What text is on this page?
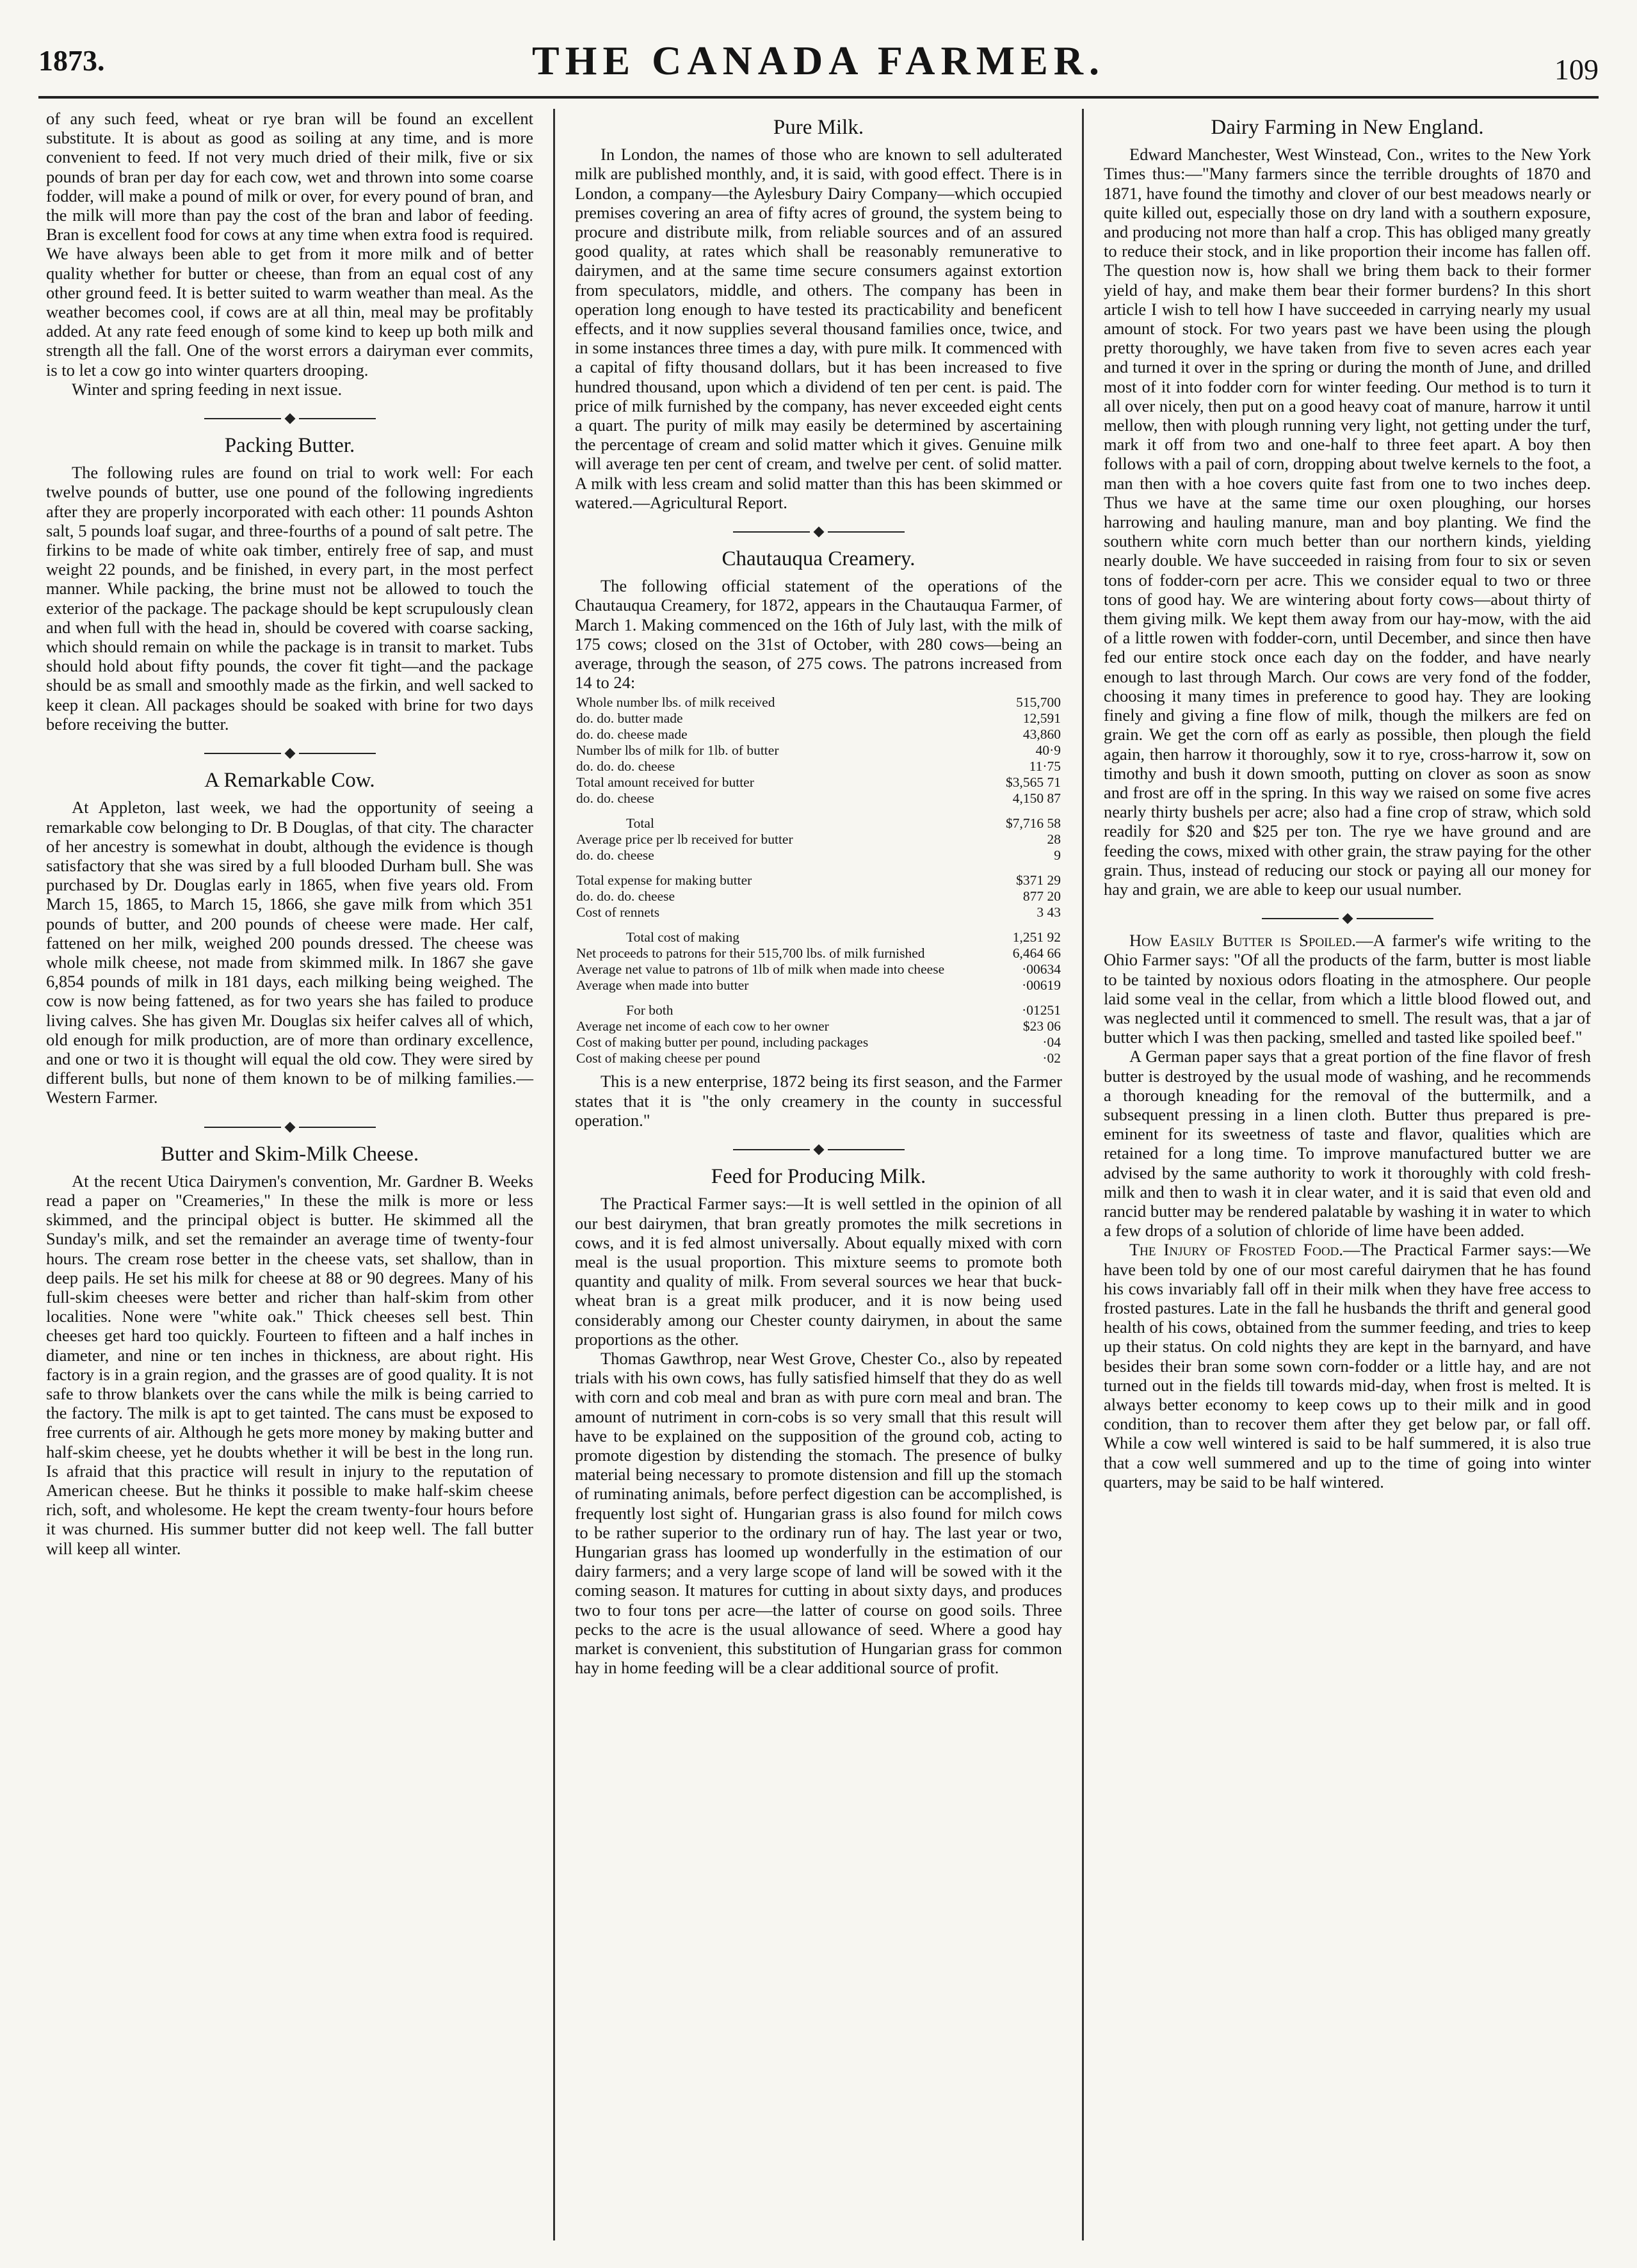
1873.	THE CANADA FARMER.	109

of any such feed, wheat or rye bran will be found an excellent substitute. It is about as good as soiling at any time, and is more convenient to feed. If not very much dried of their milk, five or six pounds of bran per day for each cow, wet and thrown into some coarse fodder, will make a pound of milk or over, for every pound of bran, and the milk will more than pay the cost of the bran and labor of feeding. Bran is excellent food for cows at any time when extra food is required. We have always been able to get from it more milk and of better quality whether for butter or cheese, than from an equal cost of any other ground feed. It is better suited to warm weather than meal. As the weather becomes cool, if cows are at all thin, meal may be profitably added. At any rate feed enough of some kind to keep up both milk and strength all the fall. One of the worst errors a dairyman ever commits, is to let a cow go into winter quarters drooping.

Winter and spring feeding in next issue.

Packing Butter.

The following rules are found on trial to work well: For each twelve pounds of butter, use one pound of the following ingredients after they are properly incorporated with each other: 11 pounds Ashton salt, 5 pounds loaf sugar, and three-fourths of a pound of salt petre. The firkins to be made of white oak timber, entirely free of sap, and must weight 22 pounds, and be finished, in every part, in the most perfect manner. While packing, the brine must not be allowed to touch the exterior of the package. The package should be kept scrupulously clean and when full with the head in, should be covered with coarse sacking, which should remain on while the package is in transit to market. Tubs should hold about fifty pounds, the cover fit tight—and the package should be as small and smoothly made as the firkin, and well sacked to keep it clean. All packages should be soaked with brine for two days before receiving the butter.

A Remarkable Cow.

At Appleton, last week, we had the opportunity of seeing a remarkable cow belonging to Dr. B Douglas, of that city. The character of her ancestry is somewhat in doubt, although the evidence is though satisfactory that she was sired by a full blooded Durham bull. She was purchased by Dr. Douglas early in 1865, when five years old. From March 15, 1865, to March 15, 1866, she gave milk from which 351 pounds of butter, and 200 pounds of cheese were made. Her calf, fattened on her milk, weighed 200 pounds dressed. The cheese was whole milk cheese, not made from skimmed milk. In 1867 she gave 6,854 pounds of milk in 181 days, each milking being weighed. The cow is now being fattened, as for two years she has failed to produce living calves. She has given Mr. Douglas six heifer calves all of which, old enough for milk production, are of more than ordinary excellence, and one or two it is thought will equal the old cow. They were sired by different bulls, but none of them known to be of milking families.—Western Farmer.

Butter and Skim-Milk Cheese.

At the recent Utica Dairymen's convention, Mr. Gardner B. Weeks read a paper on "Creameries," In these the milk is more or less skimmed, and the principal object is butter. He skimmed all the Sunday's milk, and set the remainder an average time of twenty-four hours. The cream rose better in the cheese vats, set shallow, than in deep pails. He set his milk for cheese at 88 or 90 degrees. Many of his full-skim cheeses were better and richer than half-skim from other localities. None were "white oak." Thick cheeses sell best. Thin cheeses get hard too quickly. Fourteen to fifteen and a half inches in diameter, and nine or ten inches in thickness, are about right. His factory is in a grain region, and the grasses are of good quality. It is not safe to throw blankets over the cans while the milk is being carried to the factory. The milk is apt to get tainted. The cans must be exposed to free currents of air. Although he gets more money by making butter and half-skim cheese, yet he doubts whether it will be best in the long run. Is afraid that this practice will result in injury to the reputation of American cheese. But he thinks it possible to make half-skim cheese rich, soft, and wholesome. He kept the cream twenty-four hours before it was churned. His summer butter did not keep well. The fall butter will keep all winter.

Pure Milk.

In London, the names of those who are known to sell adulterated milk are published monthly, and, it is said, with good effect. There is in London, a company—the Aylesbury Dairy Company—which occupied premises covering an area of fifty acres of ground, the system being to procure and distribute milk, from reliable sources and of an assured good quality, at rates which shall be reasonably remunerative to dairymen, and at the same time secure consumers against extortion from speculators, middle, and others. The company has been in operation long enough to have tested its practicability and beneficent effects, and it now supplies several thousand families once, twice, and in some instances three times a day, with pure milk. It commenced with a capital of fifty thousand dollars, but it has been increased to five hundred thousand, upon which a dividend of ten per cent. is paid. The price of milk furnished by the company, has never exceeded eight cents a quart. The purity of milk may easily be determined by ascertaining the percentage of cream and solid matter which it gives. Genuine milk will average ten per cent of cream, and twelve per cent. of solid matter. A milk with less cream and solid matter than this has been skimmed or watered.—Agricultural Report.

Chautauqua Creamery.

The following official statement of the operations of the Chautauqua Creamery, for 1872, appears in the Chautauqua Farmer, of March 1. Making commenced on the 16th of July last, with the milk of 175 cows; closed on the 31st of October, with 280 cows—being an average, through the season, of 275 cows. The patrons increased from 14 to 24:

Whole number lbs. of milk received	515,700
do. do. butter made	12,591
do. do. cheese made	43,860
Number lbs of milk for 1lb. of butter	40·9
do. do. do. cheese	11·75
Total amount received for butter	$3,565 71
do. do. cheese	4,150 87
Total	$7,716 58
Average price per lb received for butter	28
do. do. cheese	9
Total expense for making butter	$371 29
do. do. do. cheese	877 20
Cost of rennets	3 43
Total cost of making	1,251 92
Net proceeds to patrons for their 515,700 lbs. of milk furnished	6,464 66
Average net value to patrons of 1lb of milk when made into cheese	·00634
Average when made into butter	·00619
For both	·01251
Average net income of each cow to her owner	$23 06
Cost of making butter per pound, including packages	·04
Cost of making cheese per pound	·02

This is a new enterprise, 1872 being its first season, and the Farmer states that it is "the only creamery in the county in successful operation."

Feed for Producing Milk.

The Practical Farmer says:—It is well settled in the opinion of all our best dairymen, that bran greatly promotes the milk secretions in cows, and it is fed almost universally. About equally mixed with corn meal is the usual proportion. This mixture seems to promote both quantity and quality of milk. From several sources we hear that buck-wheat bran is a great milk producer, and it is now being used considerably among our Chester county dairymen, in about the same proportions as the other.

Thomas Gawthrop, near West Grove, Chester Co., also by repeated trials with his own cows, has fully satisfied himself that they do as well with corn and cob meal and bran as with pure corn meal and bran. The amount of nutriment in corn-cobs is so very small that this result will have to be explained on the supposition of the ground cob, acting to promote digestion by distending the stomach. The presence of bulky material being necessary to promote distension and fill up the stomach of ruminating animals, before perfect digestion can be accomplished, is frequently lost sight of. Hungarian grass is also found for milch cows to be rather superior to the ordinary run of hay. The last year or two, Hungarian grass has loomed up wonderfully in the estimation of our dairy farmers; and a very large scope of land will be sowed with it the coming season. It matures for cutting in about sixty days, and produces two to four tons per acre—the latter of course on good soils. Three pecks to the acre is the usual allowance of seed. Where a good hay market is convenient, this substitution of Hungarian grass for common hay in home feeding will be a clear additional source of profit.

Dairy Farming in New England.

Edward Manchester, West Winstead, Con., writes to the New York Times thus:—"Many farmers since the terrible droughts of 1870 and 1871, have found the timothy and clover of our best meadows nearly or quite killed out, especially those on dry land with a southern exposure, and producing not more than half a crop. This has obliged many greatly to reduce their stock, and in like proportion their income has fallen off. The question now is, how shall we bring them back to their former yield of hay, and make them bear their former burdens? In this short article I wish to tell how I have succeeded in carrying nearly my usual amount of stock. For two years past we have been using the plough pretty thoroughly, we have taken from five to seven acres each year and turned it over in the spring or during the month of June, and drilled most of it into fodder corn for winter feeding. Our method is to turn it all over nicely, then put on a good heavy coat of manure, harrow it until mellow, then with plough running very light, not getting under the turf, mark it off from two and one-half to three feet apart. A boy then follows with a pail of corn, dropping about twelve kernels to the foot, a man then with a hoe covers quite fast from one to two inches deep. Thus we have at the same time our oxen ploughing, our horses harrowing and hauling manure, man and boy planting. We find the southern white corn much better than our northern kinds, yielding nearly double. We have succeeded in raising from four to six or seven tons of fodder-corn per acre. This we consider equal to two or three tons of good hay. We are wintering about forty cows—about thirty of them giving milk. We kept them away from our hay-mow, with the aid of a little rowen with fodder-corn, until December, and since then have fed our entire stock once each day on the fodder, and have nearly enough to last through March. Our cows are very fond of the fodder, choosing it many times in preference to good hay. They are looking finely and giving a fine flow of milk, though the milkers are fed on grain. We get the corn off as early as possible, then plough the field again, then harrow it thoroughly, sow it to rye, cross-harrow it, sow on timothy and bush it down smooth, putting on clover as soon as snow and frost are off in the spring. In this way we raised on some five acres nearly thirty bushels per acre; also had a fine crop of straw, which sold readily for $20 and $25 per ton. The rye we have ground and are feeding the cows, mixed with other grain, the straw paying for the other grain. Thus, instead of reducing our stock or paying all our money for hay and grain, we are able to keep our usual number.

How Easily Butter is Spoiled.—A farmer's wife writing to the Ohio Farmer says: "Of all the products of the farm, butter is most liable to be tainted by noxious odors floating in the atmosphere. Our people laid some veal in the cellar, from which a little blood flowed out, and was neglected until it commenced to smell. The result was, that a jar of butter which I was then packing, smelled and tasted like spoiled beef."

A German paper says that a great portion of the fine flavor of fresh butter is destroyed by the usual mode of washing, and he recommends a thorough kneading for the removal of the buttermilk, and a subsequent pressing in a linen cloth. Butter thus prepared is pre-eminent for its sweetness of taste and flavor, qualities which are retained for a long time. To improve manufactured butter we are advised by the same authority to work it thoroughly with cold fresh-milk and then to wash it in clear water, and it is said that even old and rancid butter may be rendered palatable by washing it in water to which a few drops of a solution of chloride of lime have been added.

The Injury of Frosted Food.—The Practical Farmer says:—We have been told by one of our most careful dairymen that he has found his cows invariably fall off in their milk when they have free access to frosted pastures. Late in the fall he husbands the thrift and general good health of his cows, obtained from the summer feeding, and tries to keep up their status. On cold nights they are kept in the barnyard, and have besides their bran some sown corn-fodder or a little hay, and are not turned out in the fields till towards mid-day, when frost is melted. It is always better economy to keep cows up to their milk and in good condition, than to recover them after they get below par, or fall off. While a cow well wintered is said to be half summered, it is also true that a cow well summered and up to the time of going into winter quarters, may be said to be half wintered.
